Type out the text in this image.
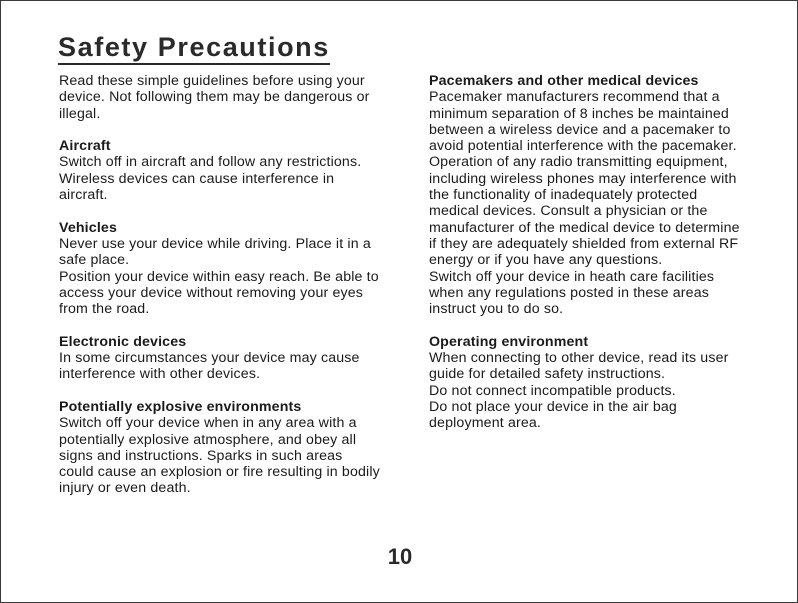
Safety Precautions
Read these simple guidelines before using your device. Not following them may be dangerous or illegal.
Aircraft
Switch off in aircraft and follow any restrictions. Wireless devices can cause interference in aircraft.
Vehicles
Never use your device while driving. Place it in a safe place.
Position your device within easy reach. Be able to access your device without removing your eyes from the road.
Electronic devices
In some circumstances your device may cause interference with other devices.
Potentially explosive environments
Switch off your device when in any area with a potentially explosive atmosphere, and obey all signs and instructions. Sparks in such areas could cause an explosion or fire resulting in bodily injury or even death.
Pacemakers and other medical devices
Pacemaker manufacturers recommend that a minimum separation of 8 inches be maintained between a wireless device and a pacemaker to avoid potential interference with the pacemaker.
Operation of any radio transmitting equipment, including wireless phones may interference with the functionality of inadequately protected medical devices. Consult a physician or the manufacturer of the medical device to determine if they are adequately shielded from external RF energy or if you have any questions.
Switch off your device in heath care facilities when any regulations posted in these areas instruct you to do so.
Operating environment
When connecting to other device, read its user guide for detailed safety instructions.
Do not connect incompatible products.
Do not place your device in the air bag deployment area.
10
